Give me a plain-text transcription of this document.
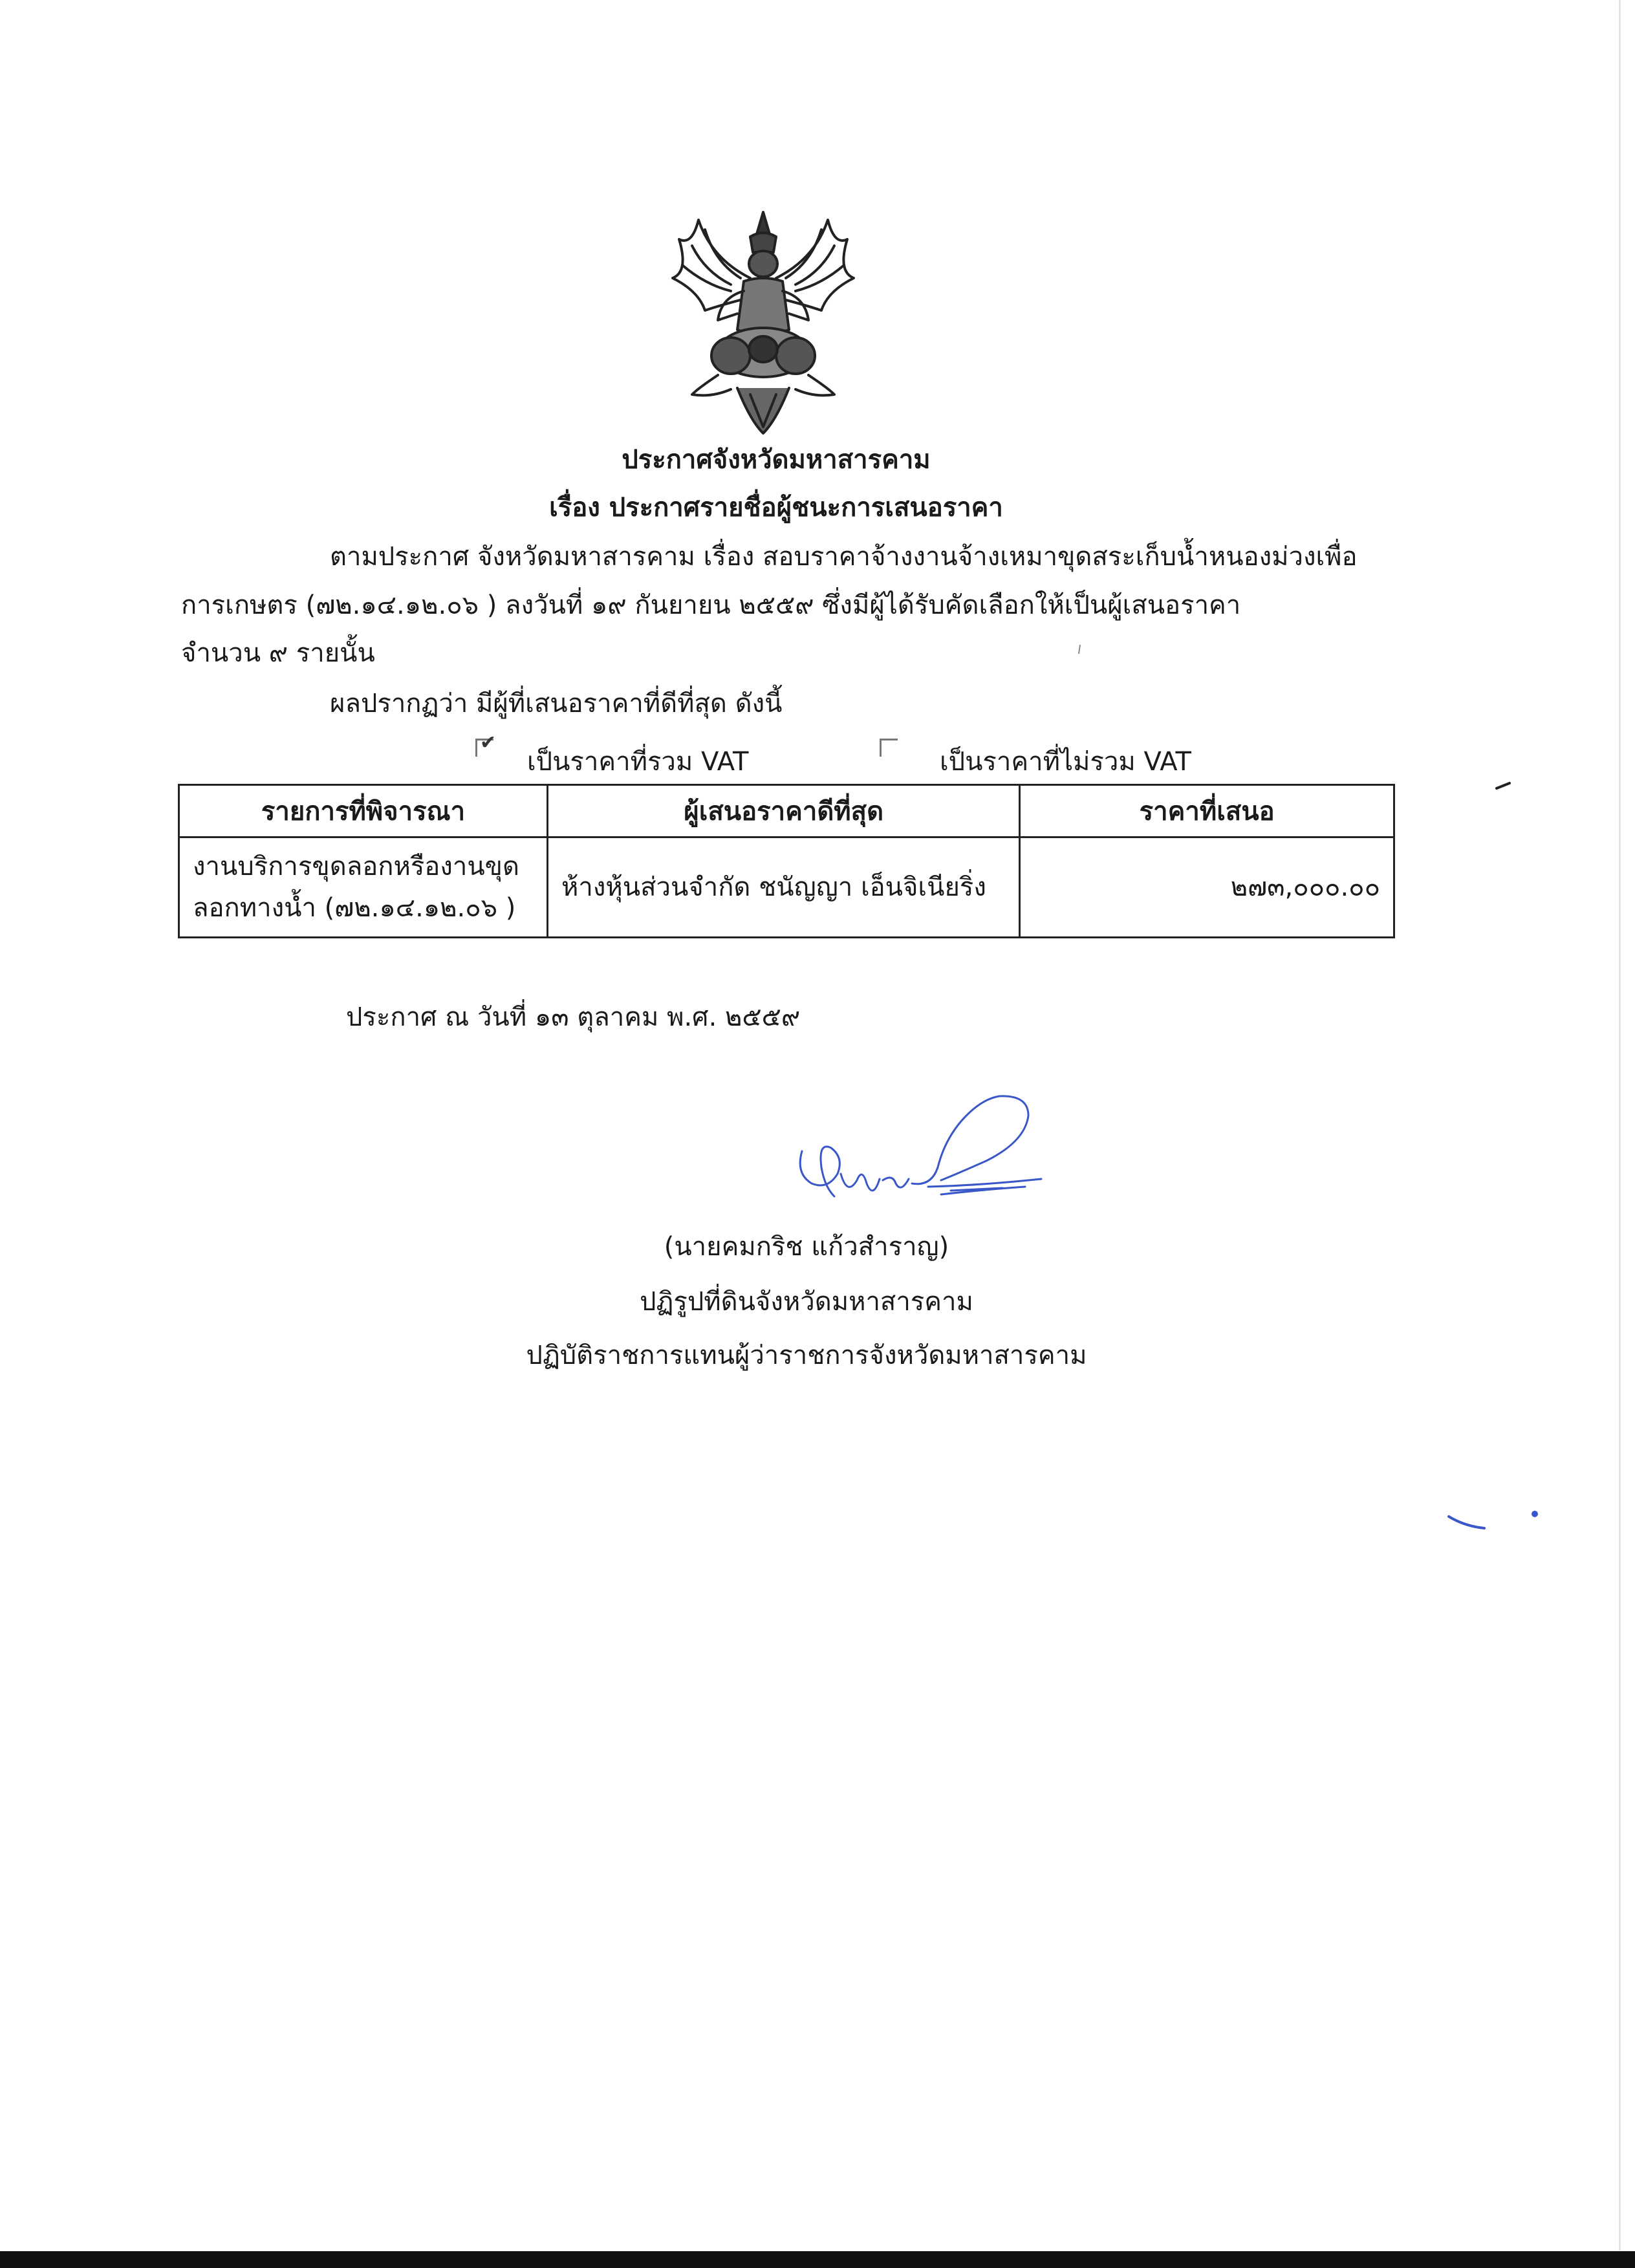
ประกาศจังหวัดมหาสารคาม
เรื่อง ประกาศรายชื่อผู้ชนะการเสนอราคา
ตามประกาศ จังหวัดมหาสารคาม เรื่อง สอบราคาจ้างงานจ้างเหมาขุดสระเก็บน้ำหนองม่วงเพื่อ
การเกษตร (๗๒.๑๔.๑๒.๐๖ ) ลงวันที่ ๑๙ กันยายน ๒๕๕๙ ซึ่งมีผู้ได้รับคัดเลือกให้เป็นผู้เสนอราคา
จำนวน ๙ รายนั้น
ผลปรากฏว่า มีผู้ที่เสนอราคาที่ดีที่สุด ดังนี้
✔
เป็นราคาที่รวม VAT	เป็นราคาที่ไม่รวม VAT
รายการที่พิจารณา	ผู้เสนอราคาดีที่สุด	ราคาที่เสนอ

งานบริการขุดลอกหรืองานขุด
ลอกทางน้ำ (๗๒.๑๔.๑๒.๐๖ )	ห้างหุ้นส่วนจำกัด ชนัญญา เอ็นจิเนียริ่ง	๒๗๓,๐๐๐.๐๐
ประกาศ ณ วันที่ ๑๓ ตุลาคม พ.ศ. ๒๕๕๙
(นายคมกริช แก้วสำราญ)
ปฏิรูปที่ดินจังหวัดมหาสารคาม
ปฏิบัติราชการแทนผู้ว่าราชการจังหวัดมหาสารคาม
